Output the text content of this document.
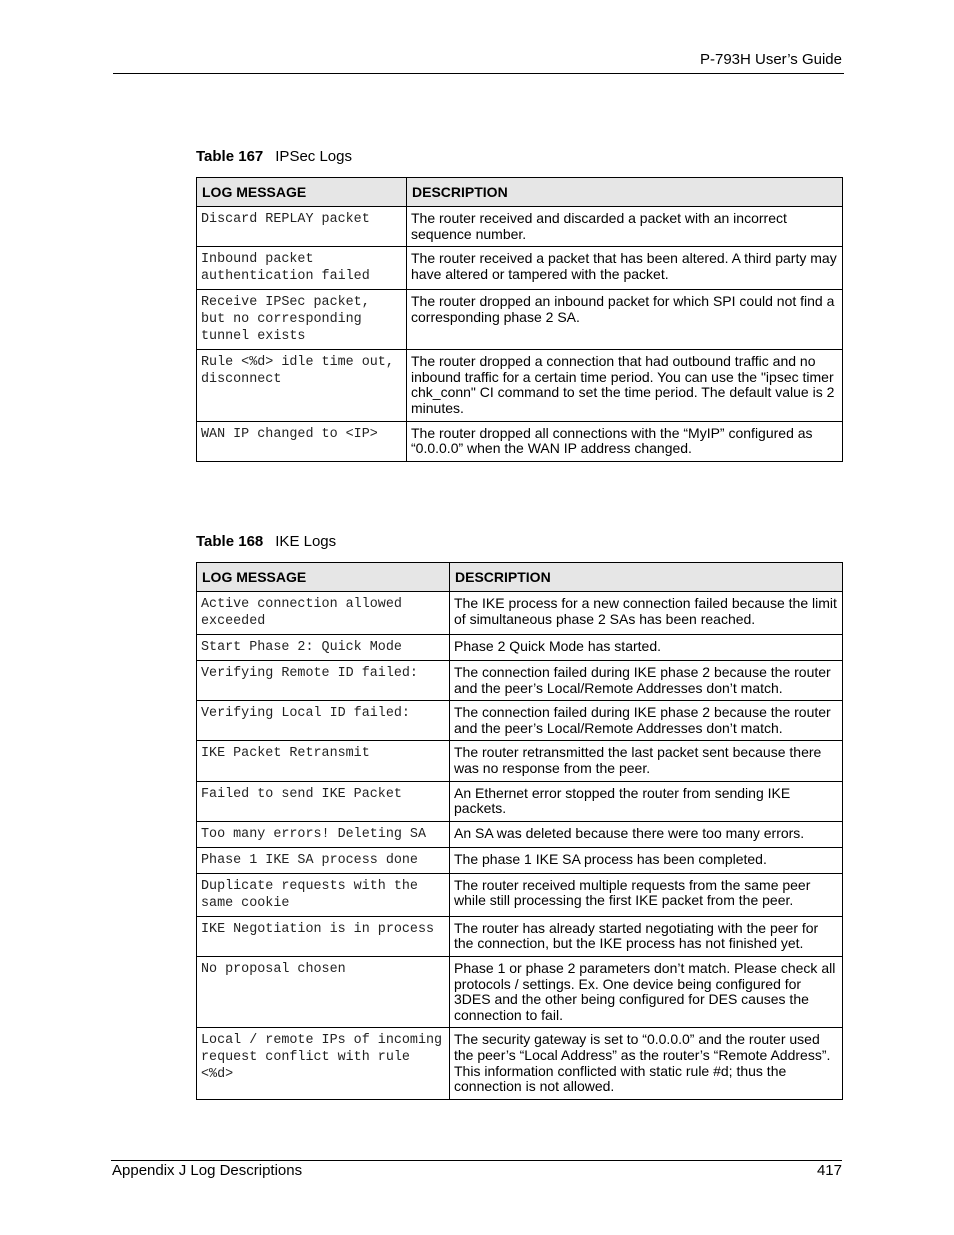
P-793H User’s Guide
Table 167 IPSec Logs
LOG MESSAGE	DESCRIPTION
Discard REPLAY packet	The router received and discarded a packet with an incorrect sequence number.
Inbound packet authentication failed	The router received a packet that has been altered. A third party may have altered or tampered with the packet.
Receive IPSec packet, but no corresponding tunnel exists	The router dropped an inbound packet for which SPI could not find a corresponding phase 2 SA.
Rule <%d> idle time out, disconnect	The router dropped a connection that had outbound traffic and no inbound traffic for a certain time period. You can use the "ipsec timer chk_conn" CI command to set the time period. The default value is 2 minutes.
WAN IP changed to <IP>	The router dropped all connections with the “MyIP” configured as “0.0.0.0” when the WAN IP address changed.
Table 168 IKE Logs
LOG MESSAGE	DESCRIPTION
Active connection allowed exceeded	The IKE process for a new connection failed because the limit of simultaneous phase 2 SAs has been reached.
Start Phase 2: Quick Mode	Phase 2 Quick Mode has started.
Verifying Remote ID failed:	The connection failed during IKE phase 2 because the router and the peer’s Local/Remote Addresses don’t match.
Verifying Local ID failed:	The connection failed during IKE phase 2 because the router and the peer’s Local/Remote Addresses don’t match.
IKE Packet Retransmit	The router retransmitted the last packet sent because there was no response from the peer.
Failed to send IKE Packet	An Ethernet error stopped the router from sending IKE packets.
Too many errors! Deleting SA	An SA was deleted because there were too many errors.
Phase 1 IKE SA process done	The phase 1 IKE SA process has been completed.
Duplicate requests with the same cookie	The router received multiple requests from the same peer while still processing the first IKE packet from the peer.
IKE Negotiation is in process	The router has already started negotiating with the peer for the connection, but the IKE process has not finished yet.
No proposal chosen	Phase 1 or phase 2 parameters don’t match. Please check all protocols / settings. Ex. One device being configured for 3DES and the other being configured for DES causes the connection to fail.
Local / remote IPs of incoming request conflict with rule <%d>	The security gateway is set to “0.0.0.0” and the router used the peer’s “Local Address” as the router’s “Remote Address”. This information conflicted with static rule #d; thus the connection is not allowed.
Appendix J Log Descriptions	417
